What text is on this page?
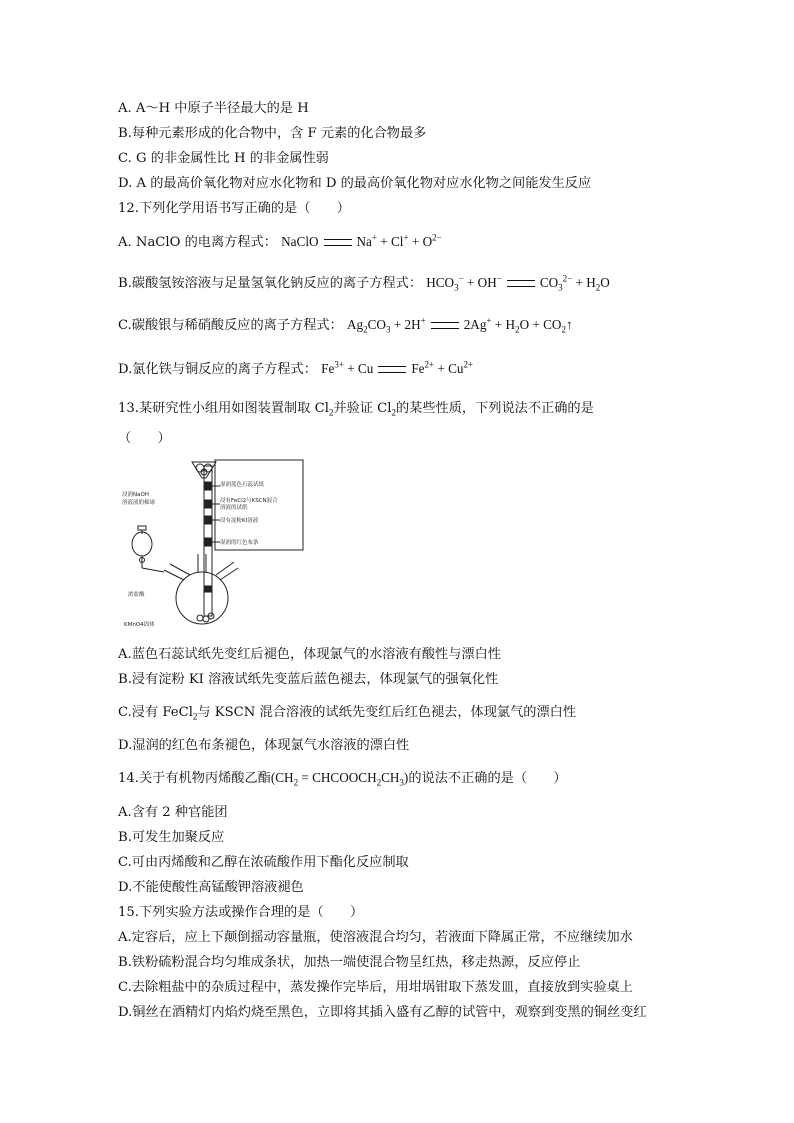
A. A～H 中原子半径最大的是 H
B.每种元素形成的化合物中，含 F 元素的化合物最多
C. G 的非金属性比 H 的非金属性弱
D. A 的最高价氧化物对应水化物和 D 的最高价氧化物对应水化物之间能发生反应
12.下列化学用语书写正确的是（　　）
A. NaClO 的电离方程式： NaClO	$Na^+ + Cl^+ + O^{2-}$
B.碳酸氢铵溶液与足量氢氧化钠反应的离子方程式： $HCO_3^- + OH^-$	$CO_3^{2-} + H_2O$
C.碳酸银与稀硝酸反应的离子方程式： $Ag_2CO_3 + 2H^+$	$2Ag^+ + H_2O$ + $CO_2↑$
D.氯化铁与铜反应的离子方程式： $Fe^{3+} + Cu$	$Fe^{2+} + Cu^{2+}$
13.某研究性小组用如图装置制取 $Cl_2$并验证 $Cl_2$的某些性质，下列说法不正确的是
（　　）
浸润NaOH
溶液液的棉球
湿润蓝色石蕊试纸
浸有FeCl2与KSCN混合
溶液的试纸
浸有淀粉KI溶液
湿润的红色布条
浓盐酸
KMnO4固体
A.蓝色石蕊试纸先变红后褪色，体现氯气的水溶液有酸性与漂白性
B.浸有淀粉 KI 溶液试纸先变蓝后蓝色褪去，体现氯气的强氧化性
C.浸有 FeCl$_2$与 KSCN 混合溶液的试纸先变红后红色褪去，体现氯气的漂白性
D.湿润的红色布条褪色，体现氯气水溶液的漂白性
14.关于有机物丙烯酸乙酯($CH_2$ = $CHCOOCH_2CH_3$)的说法不正确的是（　　）
A.含有 2 种官能团
B.可发生加聚反应
C.可由丙烯酸和乙醇在浓硫酸作用下酯化反应制取
D.不能使酸性高锰酸钾溶液褪色
15.下列实验方法或操作合理的是（　　）
A.定容后，应上下颠倒摇动容量瓶，使溶液混合均匀，若液面下降属正常，不应继续加水
B.铁粉硫粉混合均匀堆成条状，加热一端使混合物呈红热，移走热源，反应停止
C.去除粗盐中的杂质过程中，蒸发操作完毕后，用坩埚钳取下蒸发皿，直接放到实验桌上
D.铜丝在酒精灯内焰灼烧至黑色，立即将其插入盛有乙醇的试管中，观察到变黑的铜丝变红
